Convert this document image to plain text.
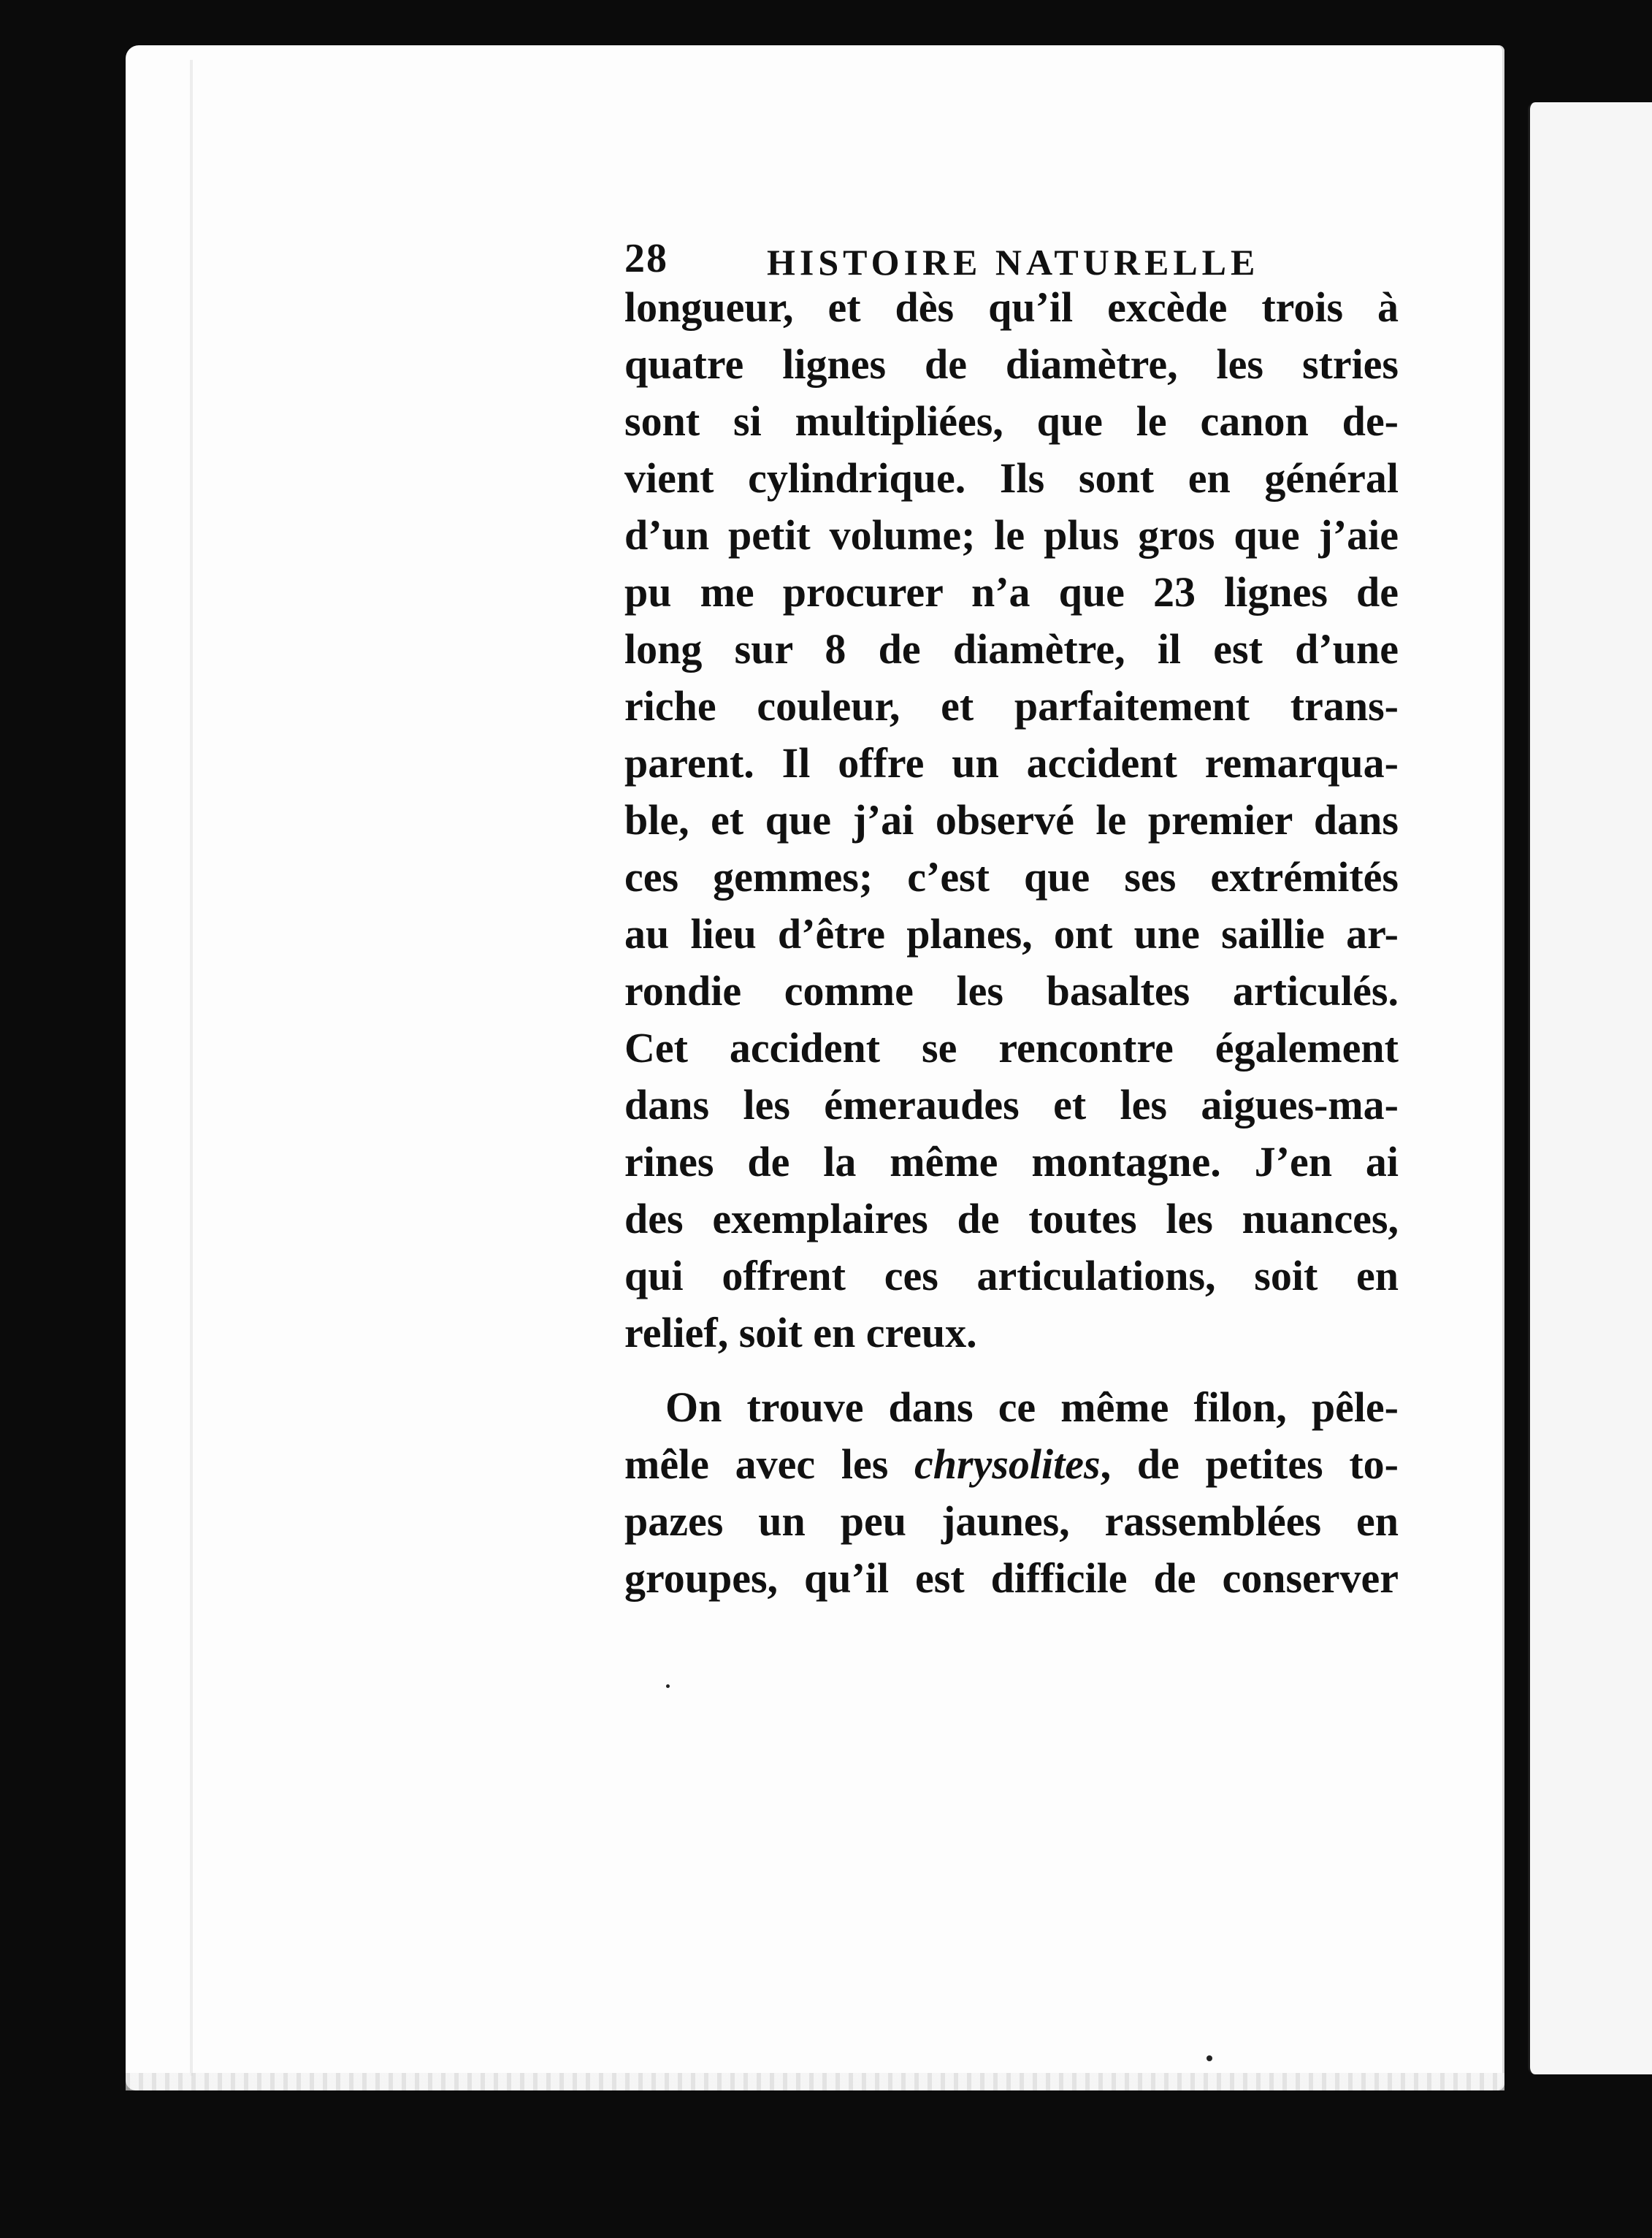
28	HISTOIRE NATURELLE
longueur, et dès qu’il excède trois à
quatre lignes de diamètre, les stries
sont si multipliées, que le canon de-
vient cylindrique. Ils sont en général
d’un petit volume; le plus gros que j’aie
pu me procurer n’a que 23 lignes de
long sur 8 de diamètre, il est d’une
riche couleur, et parfaitement trans-
parent. Il offre un accident remarqua-
ble, et que j’ai observé le premier dans
ces gemmes; c’est que ses extrémités
au lieu d’être planes, ont une saillie ar-
rondie comme les basaltes articulés.
Cet accident se rencontre également
dans les émeraudes et les aigues-ma-
rines de la même montagne. J’en ai
des exemplaires de toutes les nuances,
qui offrent ces articulations, soit en
relief, soit en creux.
On trouve dans ce même filon, pêle-
mêle avec les chrysolites, de petites to-
pazes un peu jaunes, rassemblées en
groupes, qu’il est difficile de conserver
